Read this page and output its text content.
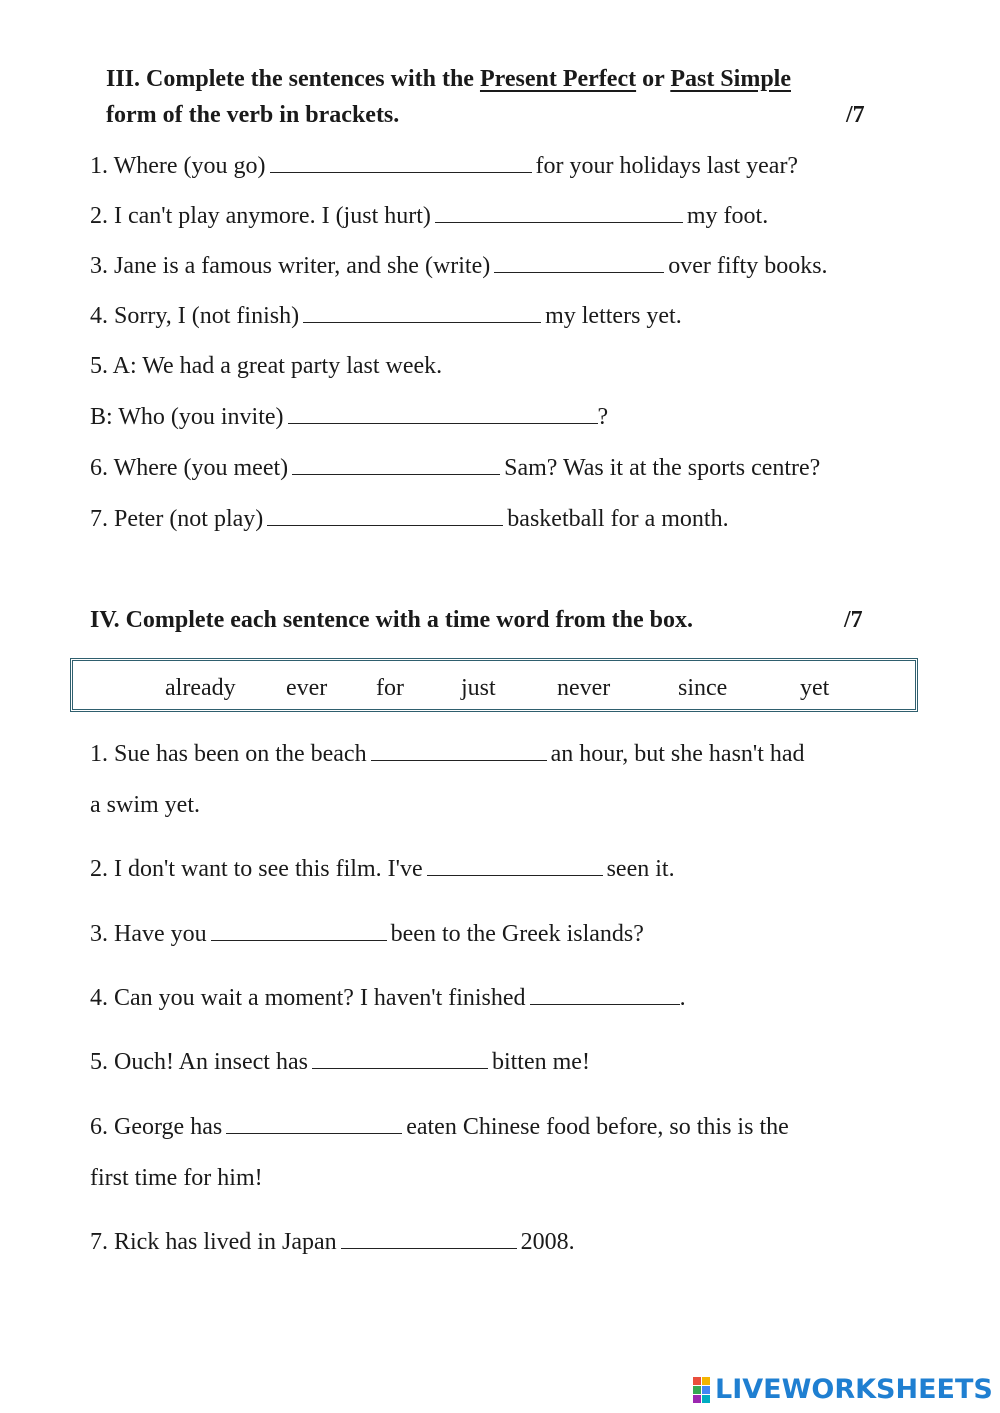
III. Complete the sentences with the Present Perfect or Past Simple
form of the verb in brackets.	/7
1. Where (you go)	for your holidays last year?
2. I can't play anymore. I (just hurt)	my foot.
3. Jane is a famous writer, and she (write)	over fifty books.
4. Sorry, I (not finish)	my letters yet.
5. A: We had a great party last week.
B: Who (you invite)	?
6. Where (you meet)	Sam? Was it at the sports centre?
7. Peter (not play)	basketball for a month.
IV. Complete each sentence with a time word from the box.	/7
already ever for just	never	since	yet
1. Sue has been on the beach	an hour, but she hasn't had
a swim yet.
2. I don't want to see this film. I've	seen it.
3. Have you	been to the Greek islands?
4. Can you wait a moment? I haven't finished	.
5. Ouch! An insect has	bitten me!
6. George has	eaten Chinese food before, so this is the
first time for him!
7. Rick has lived in Japan	2008.
LIVEWORKSHEETS
